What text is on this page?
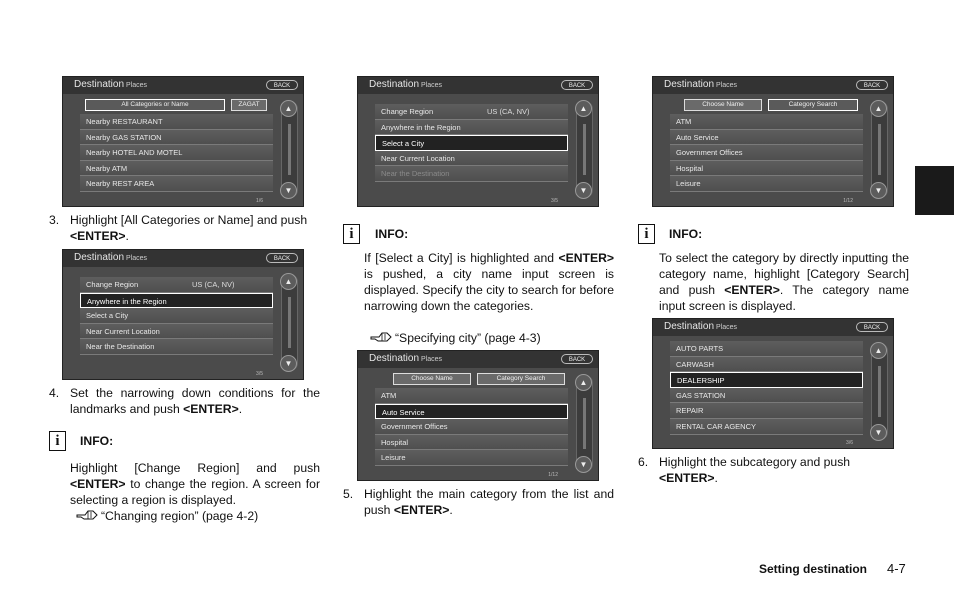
Destination Places	BACK
All Categories or Name	ZAGAT
Nearby RESTAURANT
Nearby GAS STATION
Nearby HOTEL AND MOTEL
Nearby ATM
Nearby REST AREA
▲
▼
1/6
3. Highlight [All Categories or Name] and push
<ENTER>.
Destination Places	BACK
Change Region	US (CA, NV)
Anywhere in the Region
Select a City
Near Current Location
Near the Destination
▲
▼
3/5
4. Set the narrowing down conditions for the landmarks and push <ENTER>.
i	INFO:
Highlight [Change Region] and push <ENTER> to change the region. A screen for selecting a region is displayed.
“Changing region” (page 4-2)
Destination Places	BACK
Change Region	US (CA, NV)
Anywhere in the Region
Select a City
Near Current Location
Near the Destination
▲
▼
3/5
i	INFO:
If [Select a City] is highlighted and <ENTER> is pushed, a city name input screen is displayed. Specify the city to search for before narrowing down the categories.
“Specifying city” (page 4-3)
Destination Places	BACK
Choose Name	Category Search
ATM
Auto Service
Government Offices
Hospital
Leisure
▲
▼
1/12
5. Highlight the main category from the list and push <ENTER>.
Destination Places	BACK
Choose Name	Category Search
ATM
Auto Service
Government Offices
Hospital
Leisure
▲
▼
1/12
i	INFO:
To select the category by directly inputting the category name, highlight [Category Search] and push <ENTER>. The category name input screen is displayed.
Destination Places	BACK
AUTO PARTS
CARWASH
DEALERSHIP
GAS STATION
REPAIR
RENTAL CAR AGENCY
▲
▼
3/6
6. Highlight the subcategory and push
<ENTER>.
Setting destination 4-7
